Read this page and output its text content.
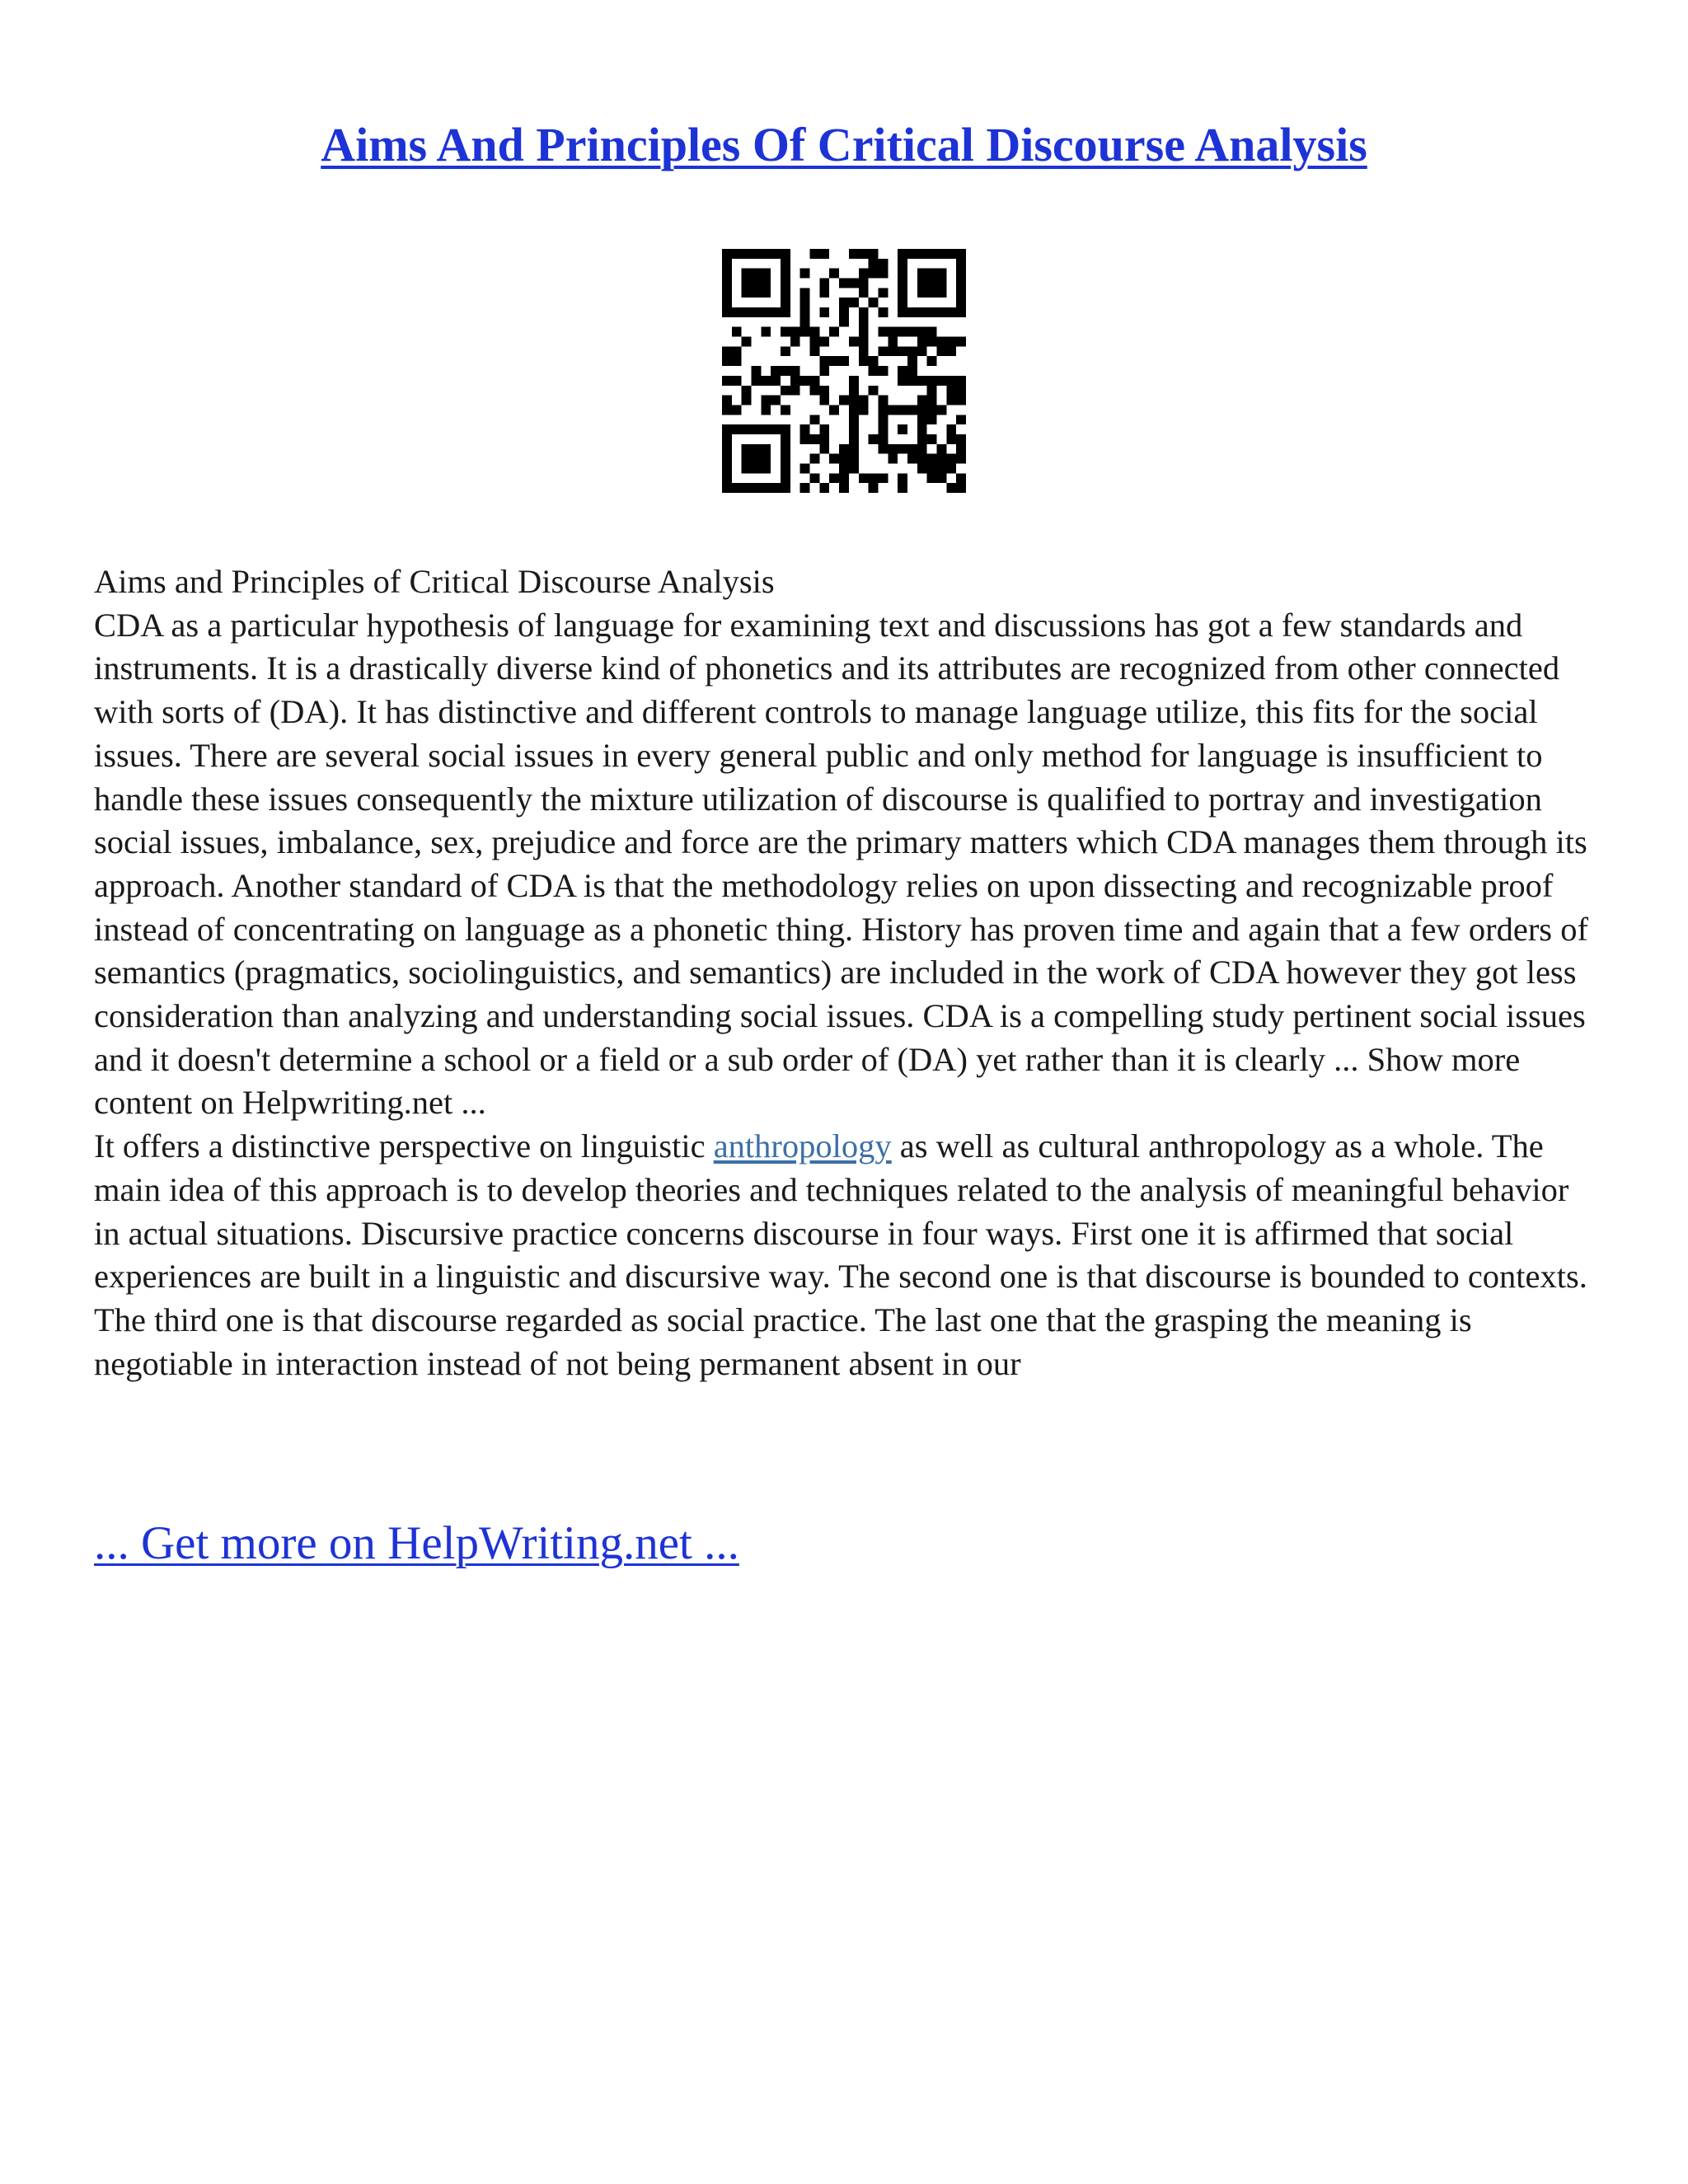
Aims And Principles Of Critical Discourse Analysis

Aims and Principles of Critical Discourse Analysis

CDA as a particular hypothesis of language for examining text and discussions has got a few standards and instruments. It is a drastically diverse kind of phonetics and its attributes are recognized from other connected with sorts of (DA). It has distinctive and different controls to manage language utilize, this fits for the social issues. There are several social issues in every general public and only method for language is insufficient to handle these issues consequently the mixture utilization of discourse is qualified to portray and investigation social issues, imbalance, sex, prejudice and force are the primary matters which CDA manages them through its approach. Another standard of CDA is that the methodology relies on upon dissecting and recognizable proof instead of concentrating on language as a phonetic thing. History has proven time and again that a few orders of semantics (pragmatics, sociolinguistics, and semantics) are included in the work of CDA however they got less consideration than analyzing and understanding social issues. CDA is a compelling study pertinent social issues and it doesn't determine a school or a field or a sub order of (DA) yet rather than it is clearly ... Show more content on Helpwriting.net ...

It offers a distinctive perspective on linguistic anthropology as well as cultural anthropology as a whole. The main idea of this approach is to develop theories and techniques related to the analysis of meaningful behavior in actual situations. Discursive practice concerns discourse in four ways. First one it is affirmed that social experiences are built in a linguistic and discursive way. The second one is that discourse is bounded to contexts. The third one is that discourse regarded as social practice. The last one that the grasping the meaning is negotiable in interaction instead of not being permanent absent in our

... Get more on HelpWriting.net ...
